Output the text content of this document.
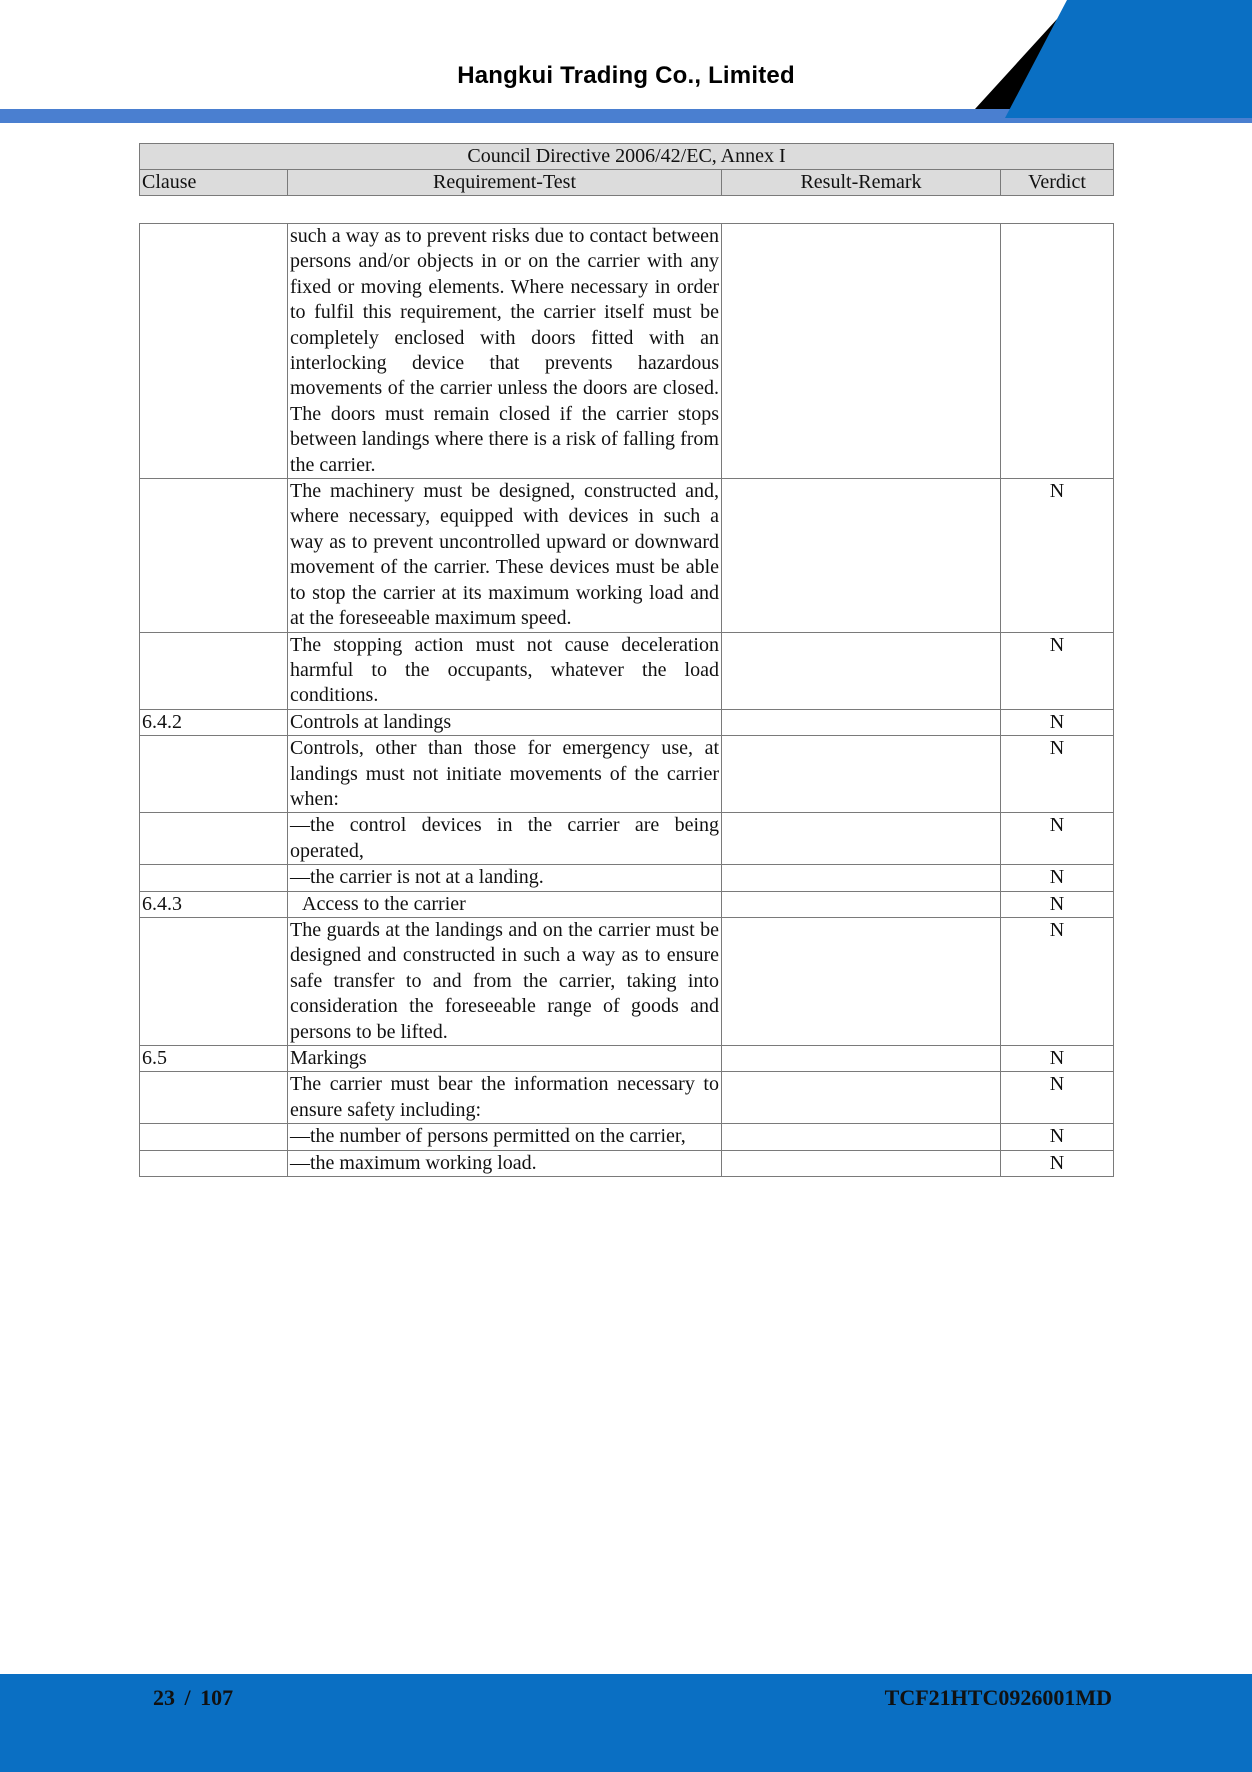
Hangkui Trading Co., Limited
Council Directive 2006/42/EC, Annex I
Clause	Requirement-Test	Result-Remark	Verdict
	such a way as to prevent risks due to contact between persons and/or objects in or on the carrier with any fixed or moving elements. Where necessary in order to fulfil this requirement, the carrier itself must be completely enclosed with doors fitted with an interlocking device that prevents hazardous movements of the carrier unless the doors are closed. The doors must remain closed if the carrier stops between landings where there is a risk of falling from the carrier.		
	The machinery must be designed, constructed and, where necessary, equipped with devices in such a way as to prevent uncontrolled upward or downward movement of the carrier. These devices must be able to stop the carrier at its maximum working load and at the foreseeable maximum speed.		N
	The stopping action must not cause deceleration harmful to the occupants, whatever the load conditions.		N
6.4.2	Controls at landings		N
	Controls, other than those for emergency use, at landings must not initiate movements of the carrier when:		N
	—the control devices in the carrier are being operated,		N
	—the carrier is not at a landing.		N
6.4.3	Access to the carrier		N
	The guards at the landings and on the carrier must be designed and constructed in such a way as to ensure safe transfer to and from the carrier, taking into consideration the foreseeable range of goods and persons to be lifted.		N
6.5	Markings		N
	The carrier must bear the information necessary to ensure safety including:		N
	—the number of persons permitted on the carrier,		N
	—the maximum working load.		N
23 / 107	TCF21HTC0926001MD
